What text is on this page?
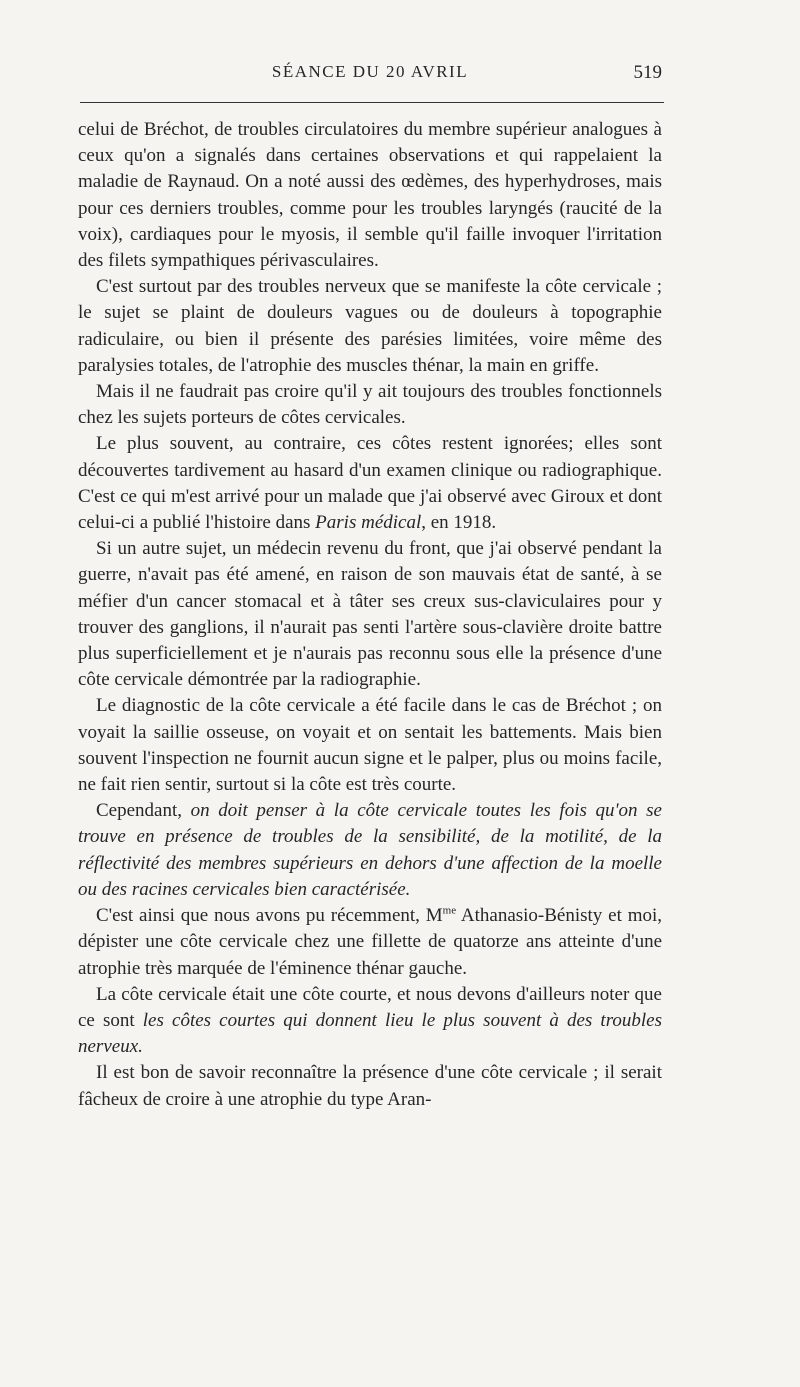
SÉANCE DU 20 AVRIL	519

celui de Bréchot, de troubles circulatoires du membre supérieur analogues à ceux qu'on a signalés dans certaines observations et qui rappelaient la maladie de Raynaud. On a noté aussi des œdèmes, des hyperhydroses, mais pour ces derniers troubles, comme pour les troubles laryngés (raucité de la voix), cardiaques pour le myosis, il semble qu'il faille invoquer l'irritation des filets sympathiques périvasculaires.

C'est surtout par des troubles nerveux que se manifeste la côte cervicale ; le sujet se plaint de douleurs vagues ou de douleurs à topographie radiculaire, ou bien il présente des parésies limitées, voire même des paralysies totales, de l'atrophie des muscles thénar, la main en griffe.

Mais il ne faudrait pas croire qu'il y ait toujours des troubles fonctionnels chez les sujets porteurs de côtes cervicales.

Le plus souvent, au contraire, ces côtes restent ignorées; elles sont découvertes tardivement au hasard d'un examen clinique ou radiographique. C'est ce qui m'est arrivé pour un malade que j'ai observé avec Giroux et dont celui-ci a publié l'histoire dans Paris médical, en 1918.

Si un autre sujet, un médecin revenu du front, que j'ai observé pendant la guerre, n'avait pas été amené, en raison de son mauvais état de santé, à se méfier d'un cancer stomacal et à tâter ses creux sus-claviculaires pour y trouver des ganglions, il n'aurait pas senti l'artère sous-clavière droite battre plus superficiellement et je n'aurais pas reconnu sous elle la présence d'une côte cervicale démontrée par la radiographie.

Le diagnostic de la côte cervicale a été facile dans le cas de Bréchot ; on voyait la saillie osseuse, on voyait et on sentait les battements. Mais bien souvent l'inspection ne fournit aucun signe et le palper, plus ou moins facile, ne fait rien sentir, surtout si la côte est très courte.

Cependant, on doit penser à la côte cervicale toutes les fois qu'on se trouve en présence de troubles de la sensibilité, de la motilité, de la réflectivité des membres supérieurs en dehors d'une affection de la moelle ou des racines cervicales bien caractérisée.

C'est ainsi que nous avons pu récemment, $M^{me}$ Athanasio-Bénisty et moi, dépister une côte cervicale chez une fillette de quatorze ans atteinte d'une atrophie très marquée de l'éminence thénar gauche.

La côte cervicale était une côte courte, et nous devons d'ailleurs noter que ce sont les côtes courtes qui donnent lieu le plus souvent à des troubles nerveux.

Il est bon de savoir reconnaître la présence d'une côte cervicale ; il serait fâcheux de croire à une atrophie du type Aran-
